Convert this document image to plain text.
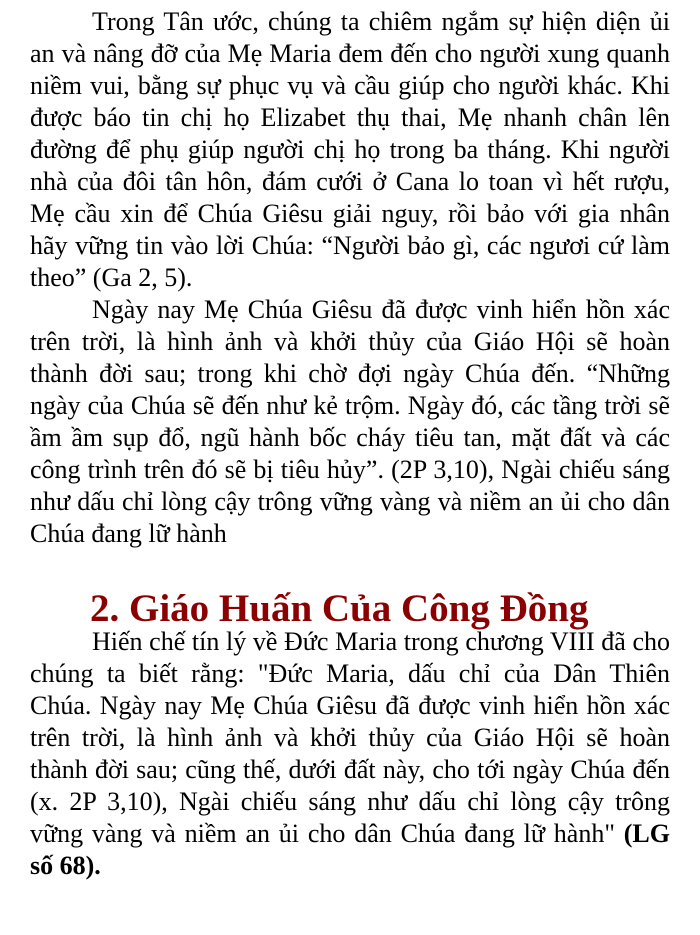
Trong Tân ước, chúng ta chiêm ngắm sự hiện diện ủi an và nâng đỡ của Mẹ Maria đem đến cho người xung quanh niềm vui, bằng sự phục vụ và cầu giúp cho người khác. Khi được báo tin chị họ Elizabet thụ thai, Mẹ nhanh chân lên đường để phụ giúp người chị họ trong ba tháng. Khi người nhà của đôi tân hôn, đám cưới ở Cana lo toan vì hết rượu, Mẹ cầu xin để Chúa Giêsu giải nguy, rồi bảo với gia nhân hãy vững tin vào lời Chúa: “Người bảo gì, các ngươi cứ làm theo” (Ga 2, 5).

Ngày nay Mẹ Chúa Giêsu đã được vinh hiển hồn xác trên trời, là hình ảnh và khởi thủy của Giáo Hội sẽ hoàn thành đời sau; trong khi chờ đợi ngày Chúa đến. “Những ngày của Chúa sẽ đến như kẻ trộm. Ngày đó, các tầng trời sẽ ầm ầm sụp đổ, ngũ hành bốc cháy tiêu tan, mặt đất và các công trình trên đó sẽ bị tiêu hủy”. (2P 3,10), Ngài chiếu sáng như dấu chỉ lòng cậy trông vững vàng và niềm an ủi cho dân Chúa đang lữ hành

2. Giáo Huấn Của Công Đồng

Hiến chế tín lý về Đức Maria trong chương VIII đã cho chúng ta biết rằng: "Đức Maria, dấu chỉ của Dân Thiên Chúa. Ngày nay Mẹ Chúa Giêsu đã được vinh hiển hồn xác trên trời, là hình ảnh và khởi thủy của Giáo Hội sẽ hoàn thành đời sau; cũng thế, dưới đất này, cho tới ngày Chúa đến (x. 2P 3,10), Ngài chiếu sáng như dấu chỉ lòng cậy trông vững vàng và niềm an ủi cho dân Chúa đang lữ hành" (LG số 68).
